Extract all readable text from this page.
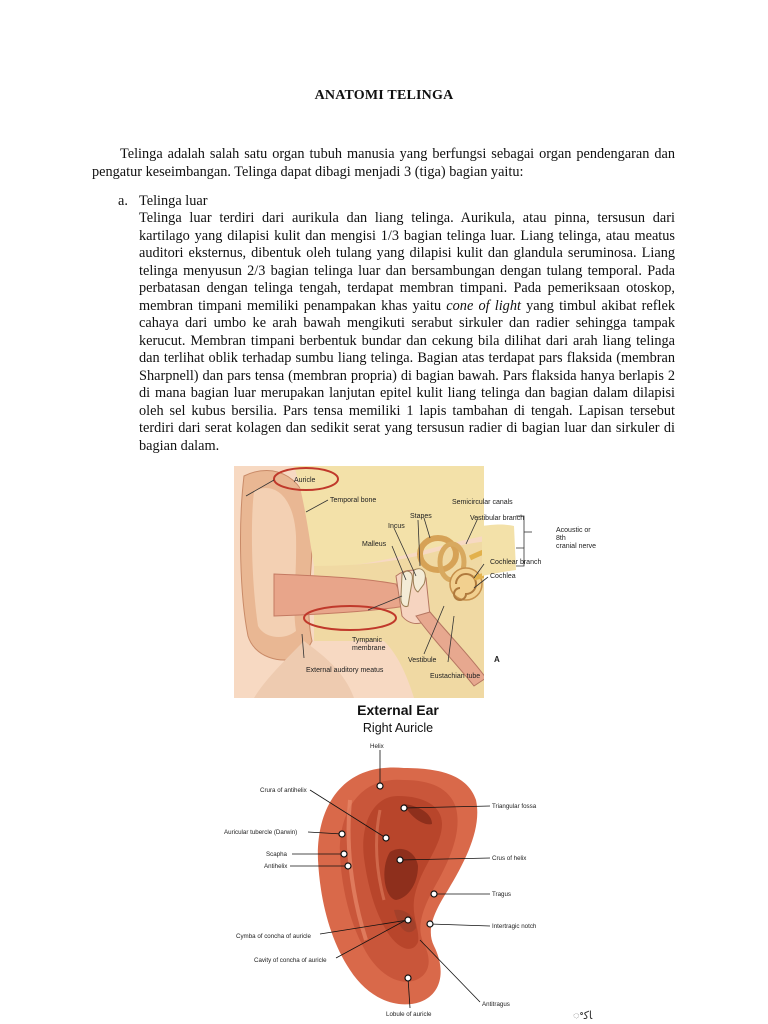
ANATOMI TELINGA

Telinga adalah salah satu organ tubuh manusia yang berfungsi sebagai organ pendengaran dan pengatur keseimbangan. Telinga dapat dibagi menjadi 3 (tiga) bagian yaitu:

a. Telinga luar

Telinga luar terdiri dari aurikula dan liang telinga. Aurikula, atau pinna, tersusun dari kartilago yang dilapisi kulit dan mengisi 1/3 bagian telinga luar. Liang telinga, atau meatus auditori eksternus, dibentuk oleh tulang yang dilapisi kulit dan glandula seruminosa. Liang telinga menyusun 2/3 bagian telinga luar dan bersambungan dengan tulang temporal. Pada perbatasan dengan telinga tengah, terdapat membran timpani. Pada pemeriksaan otoskop, membran timpani memiliki penampakan khas yaitu cone of light yang timbul akibat reflek cahaya dari umbo ke arah bawah mengikuti serabut sirkuler dan radier sehingga tampak kerucut. Membran timpani berbentuk bundar dan cekung bila dilihat dari arah liang telinga dan terlihat oblik terhadap sumbu liang telinga. Bagian atas terdapat pars flaksida (membran Sharpnell) dan pars tensa (membran propria) di bagian bawah. Pars flaksida hanya berlapis 2 di mana bagian luar merupakan lanjutan epitel kulit liang telinga dan bagian dalam dilapisi oleh sel kubus bersilia. Pars tensa memiliki 1 lapis tambahan di tengah. Lapisan tersebut terdiri dari serat kolagen dan sedikit serat yang tersusun radier di bagian luar dan sirkuler di bagian dalam.

Auricle
Temporal bone	Semicircular canals
Stapes	Vestibular branch
Incus
Malleus
Acoustic or
8th
cranial nerve
Cochlear branch
Cochlea
Tympanic
membrane
Vestibule
External auditory meatus
Eustachian tube
A
External Ear
Right Auricle
Helix
Crura of antihelix
Triangular fossa
Auricular tubercle (Darwin)
Scapha
Antihelix
Crus of helix
Tragus
Intertragic notch
Cymba of concha of auricle
Cavity of concha of auricle
Lobule of auricle
Antitragus
ꢀﺎﮐ
